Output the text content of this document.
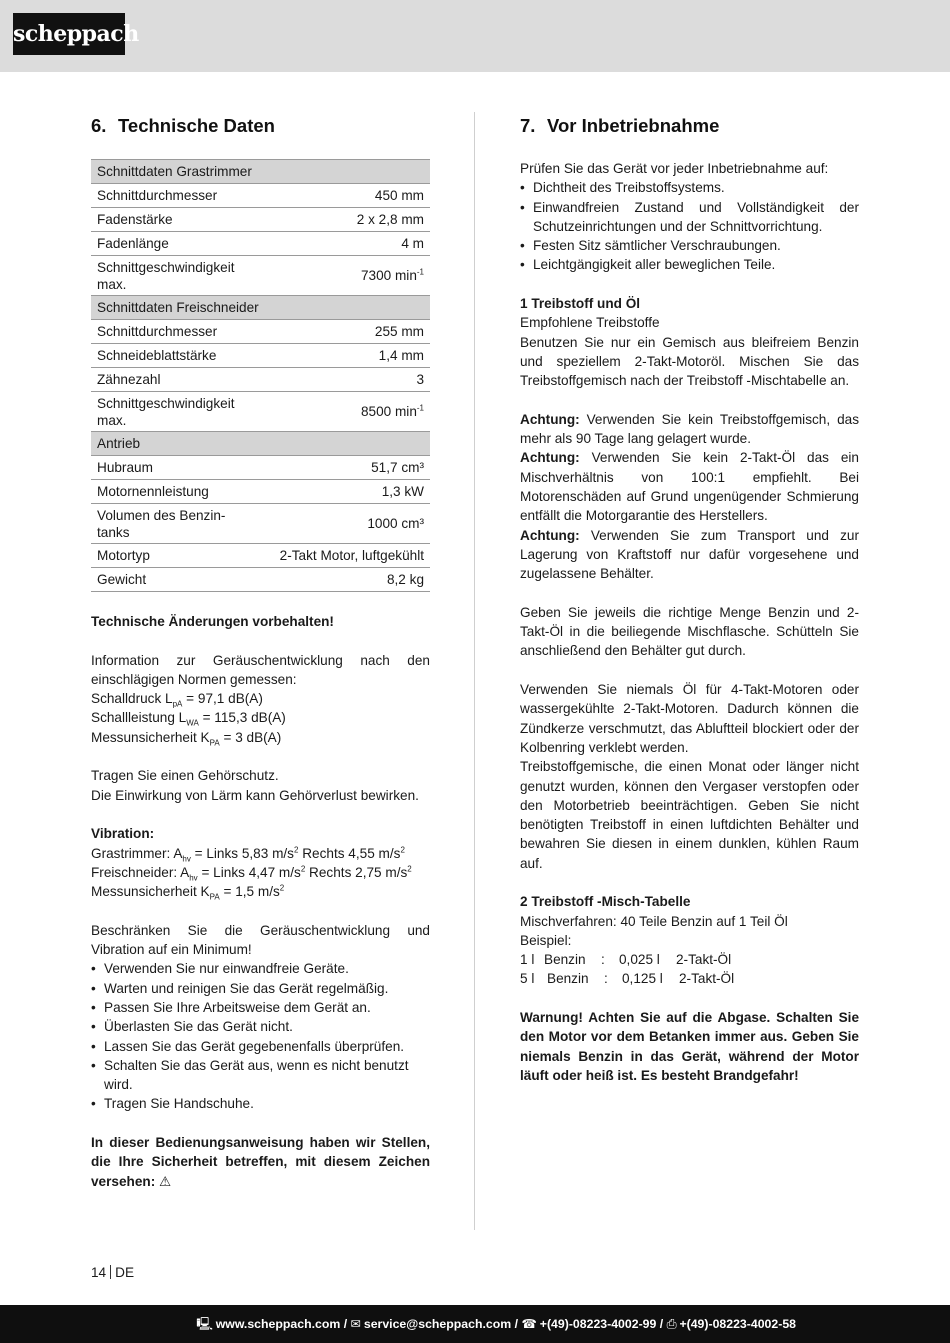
scheppach
6. Technische Daten
Schnittdaten Grastrimmer	
Schnittdurchmesser	450 mm
Fadenstärke	2 x 2,8 mm
Fadenlänge	4 m
Schnittgeschwindigkeit max.	7300 $\min^{-1}$
Schnittdaten Freischneider	
Schnittdurchmesser	255 mm
Schneideblattstärke	1,4 mm
Zähnezahl	3
Schnittgeschwindigkeit max.	8500 $\min^{-1}$
Antrieb	
Hubraum	51,7 cm³
Motornennleistung	1,3 kW
Volumen des Benzin-tanks	1000 cm³
Motortyp	2-Takt Motor, luftgekühlt
Gewicht	8,2 kg

Technische Änderungen vorbehalten!

Information zur Geräuschentwicklung nach den einschlägigen Normen gemessen:

Schalldruck $L_{pA} = 97,1$ dB(A)

Schallleistung $L_{WA} = 115,3$ dB(A)

Messunsicherheit $K_{PA} = 3$ dB(A)

Tragen Sie einen Gehörschutz.

Die Einwirkung von Lärm kann Gehörverlust bewirken.

Vibration:

Grastrimmer: $A_{hv}$ = Links 5,83 $m/s^2$ Rechts 4,55 $m/s^2$

Freischneider: $A_{hv}$ = Links 4,47 $m/s^2$ Rechts 2,75 $m/s^2$

Messunsicherheit $K_{PA} = 1,5$ $m/s^2$

Beschränken Sie die Geräuschentwicklung und Vibration auf ein Minimum!

• Verwenden Sie nur einwandfreie Geräte.
• Warten und reinigen Sie das Gerät regelmäßig.
• Passen Sie Ihre Arbeitsweise dem Gerät an.
• Überlasten Sie das Gerät nicht.
• Lassen Sie das Gerät gegebenenfalls überprüfen.
• Schalten Sie das Gerät aus, wenn es nicht benutzt wird.
• Tragen Sie Handschuhe.

In dieser Bedienungsanweisung haben wir Stellen, die Ihre Sicherheit betreffen, mit diesem Zeichen versehen: ⚠

7. Vor Inbetriebnahme

Prüfen Sie das Gerät vor jeder Inbetriebnahme auf:

• Dichtheit des Treibstoffsystems.
• Einwandfreien Zustand und Vollständigkeit der Schutzeinrichtungen und der Schnittvorrichtung.
• Festen Sitz sämtlicher Verschraubungen.
• Leichtgängigkeit aller beweglichen Teile.

1 Treibstoff und Öl

Empfohlene Treibstoffe

Benutzen Sie nur ein Gemisch aus bleifreiem Benzin und speziellem 2-Takt-Motoröl. Mischen Sie das Treibstoffgemisch nach der Treibstoff -Mischtabelle an.

Achtung: Verwenden Sie kein Treibstoffgemisch, das mehr als 90 Tage lang gelagert wurde.

Achtung: Verwenden Sie kein 2-Takt-Öl das ein Mischverhältnis von 100:1 empfiehlt. Bei Motorenschäden auf Grund ungenügender Schmierung entfällt die Motorgarantie des Herstellers.

Achtung: Verwenden Sie zum Transport und zur Lagerung von Kraftstoff nur dafür vorgesehene und zugelassene Behälter.

Geben Sie jeweils die richtige Menge Benzin und 2-Takt-Öl in die beiliegende Mischflasche. Schütteln Sie anschließend den Behälter gut durch.

Verwenden Sie niemals Öl für 4-Takt-Motoren oder wassergekühlte 2-Takt-Motoren. Dadurch können die Zündkerze verschmutzt, das Abluftteil blockiert oder der Kolbenring verklebt werden.

Treibstoffgemische, die einen Monat oder länger nicht genutzt wurden, können den Vergaser verstopfen oder den Motorbetrieb beeinträchtigen. Geben Sie nicht benötigten Treibstoff in einen luftdichten Behälter und bewahren Sie diesen in einem dunklen, kühlen Raum auf.

2 Treibstoff -Misch-Tabelle

Mischverfahren: 40 Teile Benzin auf 1 Teil Öl

Beispiel:

1 l Benzin	:	0,025 l	2-Takt-Öl
5 l Benzin	:	0,125 l	2-Takt-Öl

Warnung! Achten Sie auf die Abgase. Schalten Sie den Motor vor dem Betanken immer aus. Geben Sie niemals Benzin in das Gerät, während der Motor läuft oder heiß ist. Es besteht Brandgefahr!

14 DE
🖳 www.scheppach.com / ✉ service@scheppach.com / ☎ +(49)-08223-4002-99 / ⎙ +(49)-08223-4002-58
